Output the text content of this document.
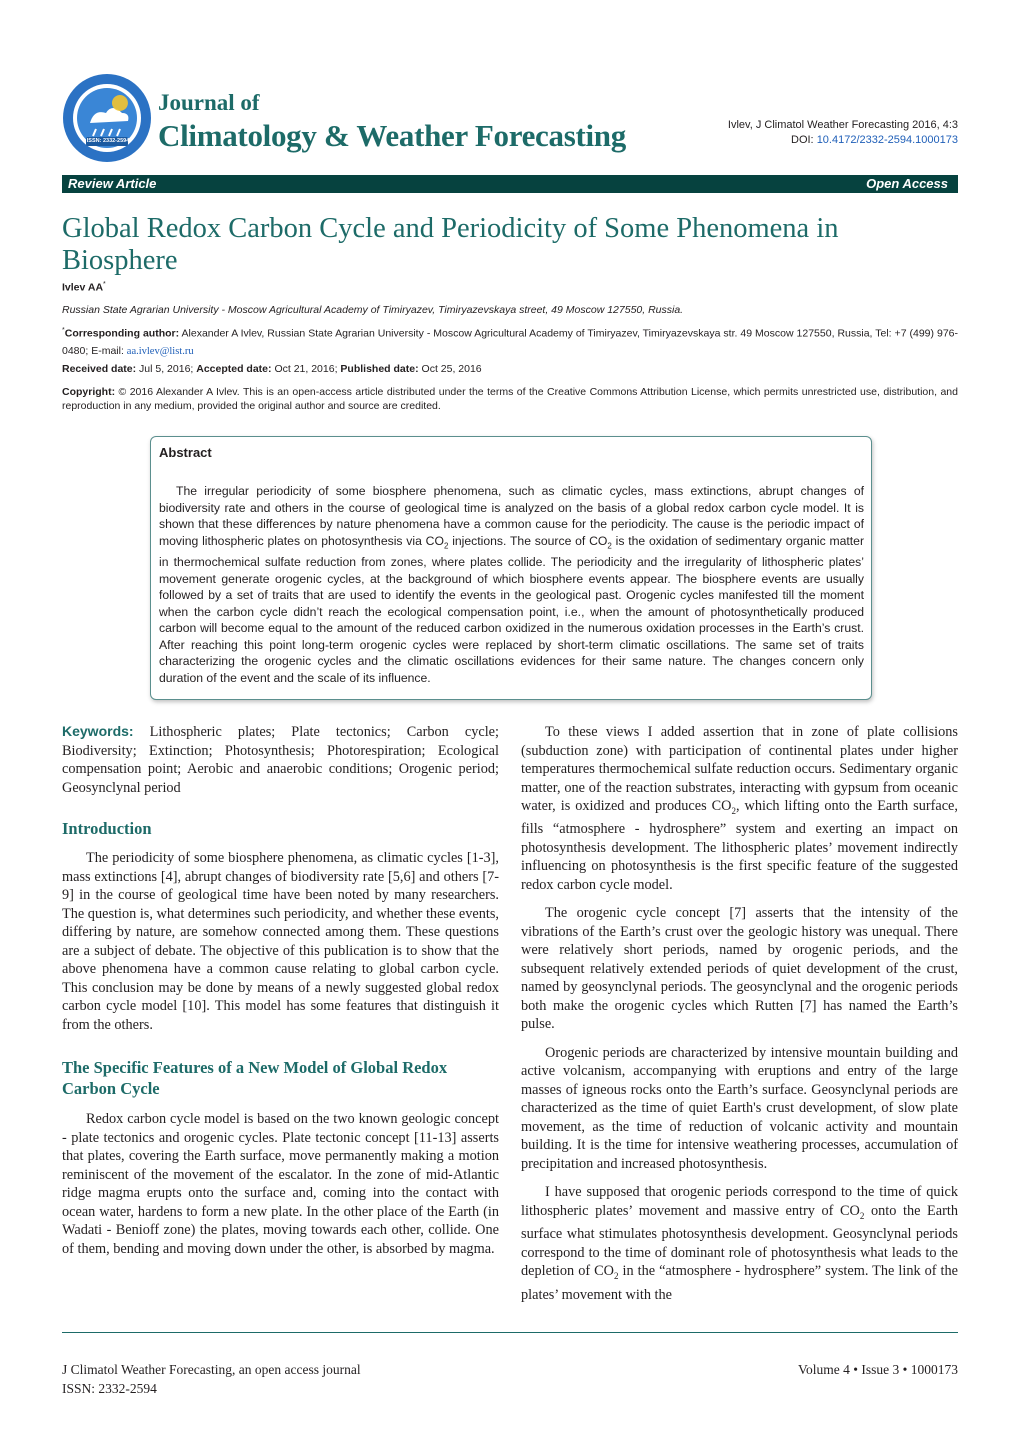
ISSN: 2332-2594
Journal of
Climatology & Weather Forecasting	Ivlev, J Climatol Weather Forecasting 2016, 4:3
DOI: 10.4172/2332-2594.1000173
Review Article	Open Access
Global Redox Carbon Cycle and Periodicity of Some Phenomena in Biosphere
Ivlev AA*
Russian State Agrarian University - Moscow Agricultural Academy of Timiryazev, Timiryazevskaya street, 49 Moscow 127550, Russia.
*Corresponding author: Alexander A Ivlev, Russian State Agrarian University - Moscow Agricultural Academy of Timiryazev, Timiryazevskaya str. 49 Moscow 127550, Russia, Tel: +7 (499) 976-0480; E-mail: aa.ivlev@list.ru
Received date: Jul 5, 2016; Accepted date: Oct 21, 2016; Published date: Oct 25, 2016
Copyright: © 2016 Alexander A Ivlev. This is an open-access article distributed under the terms of the Creative Commons Attribution License, which permits unrestricted use, distribution, and reproduction in any medium, provided the original author and source are credited.
Abstract
The irregular periodicity of some biosphere phenomena, such as climatic cycles, mass extinctions, abrupt changes of biodiversity rate and others in the course of geological time is analyzed on the basis of a global redox carbon cycle model. It is shown that these differences by nature phenomena have a common cause for the periodicity. The cause is the periodic impact of moving lithospheric plates on photosynthesis via $CO_2$ injections. The source of $CO_2$ is the oxidation of sedimentary organic matter in thermochemical sulfate reduction from zones, where plates collide. The periodicity and the irregularity of lithospheric plates’ movement generate orogenic cycles, at the background of which biosphere events appear. The biosphere events are usually followed by a set of traits that are used to identify the events in the geological past. Orogenic cycles manifested till the moment when the carbon cycle didn’t reach the ecological compensation point, i.e., when the amount of photosynthetically produced carbon will become equal to the amount of the reduced carbon oxidized in the numerous oxidation processes in the Earth’s crust. After reaching this point long-term orogenic cycles were replaced by short-term climatic oscillations. The same set of traits characterizing the orogenic cycles and the climatic oscillations evidences for their same nature. The changes concern only duration of the event and the scale of its influence.
Keywords: Lithospheric plates; Plate tectonics; Carbon cycle; Biodiversity; Extinction; Photosynthesis; Photorespiration; Ecological compensation point; Aerobic and anaerobic conditions; Orogenic period; Geosynclynal period
Introduction

The periodicity of some biosphere phenomena, as climatic cycles [1-3], mass extinctions [4], abrupt changes of biodiversity rate [5,6] and others [7-9] in the course of geological time have been noted by many researchers. The question is, what determines such periodicity, and whether these events, differing by nature, are somehow connected among them. These questions are a subject of debate. The objective of this publication is to show that the above phenomena have a common cause relating to global carbon cycle. This conclusion may be done by means of a newly suggested global redox carbon cycle model [10]. This model has some features that distinguish it from the others.

The Specific Features of a New Model of Global Redox Carbon Cycle

Redox carbon cycle model is based on the two known geologic concept - plate tectonics and orogenic cycles. Plate tectonic concept [11-13] asserts that plates, covering the Earth surface, move permanently making a motion reminiscent of the movement of the escalator. In the zone of mid-Atlantic ridge magma erupts onto the surface and, coming into the contact with ocean water, hardens to form a new plate. In the other place of the Earth (in Wadati - Benioff zone) the plates, moving towards each other, collide. One of them, bending and moving down under the other, is absorbed by magma.

To these views I added assertion that in zone of plate collisions (subduction zone) with participation of continental plates under higher temperatures thermochemical sulfate reduction occurs. Sedimentary organic matter, one of the reaction substrates, interacting with gypsum from oceanic water, is oxidized and produces $CO_2$, which lifting onto the Earth surface, fills “atmosphere - hydrosphere” system and exerting an impact on photosynthesis development. The lithospheric plates’ movement indirectly influencing on photosynthesis is the first specific feature of the suggested redox carbon cycle model.

The orogenic cycle concept [7] asserts that the intensity of the vibrations of the Earth’s crust over the geologic history was unequal. There were relatively short periods, named by orogenic periods, and the subsequent relatively extended periods of quiet development of the crust, named by geosynclynal periods. The geosynclynal and the orogenic periods both make the orogenic cycles which Rutten [7] has named the Earth’s pulse.

Orogenic periods are characterized by intensive mountain building and active volcanism, accompanying with eruptions and entry of the large masses of igneous rocks onto the Earth’s surface. Geosynclynal periods are characterized as the time of quiet Earth's crust development, of slow plate movement, as the time of reduction of volcanic activity and mountain building. It is the time for intensive weathering processes, accumulation of precipitation and increased photosynthesis.

I have supposed that orogenic periods correspond to the time of quick lithospheric plates’ movement and massive entry of $CO_2$ onto the Earth surface what stimulates photosynthesis development. Geosynclynal periods correspond to the time of dominant role of photosynthesis what leads to the depletion of $CO_2$ in the “atmosphere - hydrosphere” system. The link of the plates’ movement with the

J Climatol Weather Forecasting, an open access journal
ISSN: 2332-2594
Volume 4 • Issue 3 • 1000173
